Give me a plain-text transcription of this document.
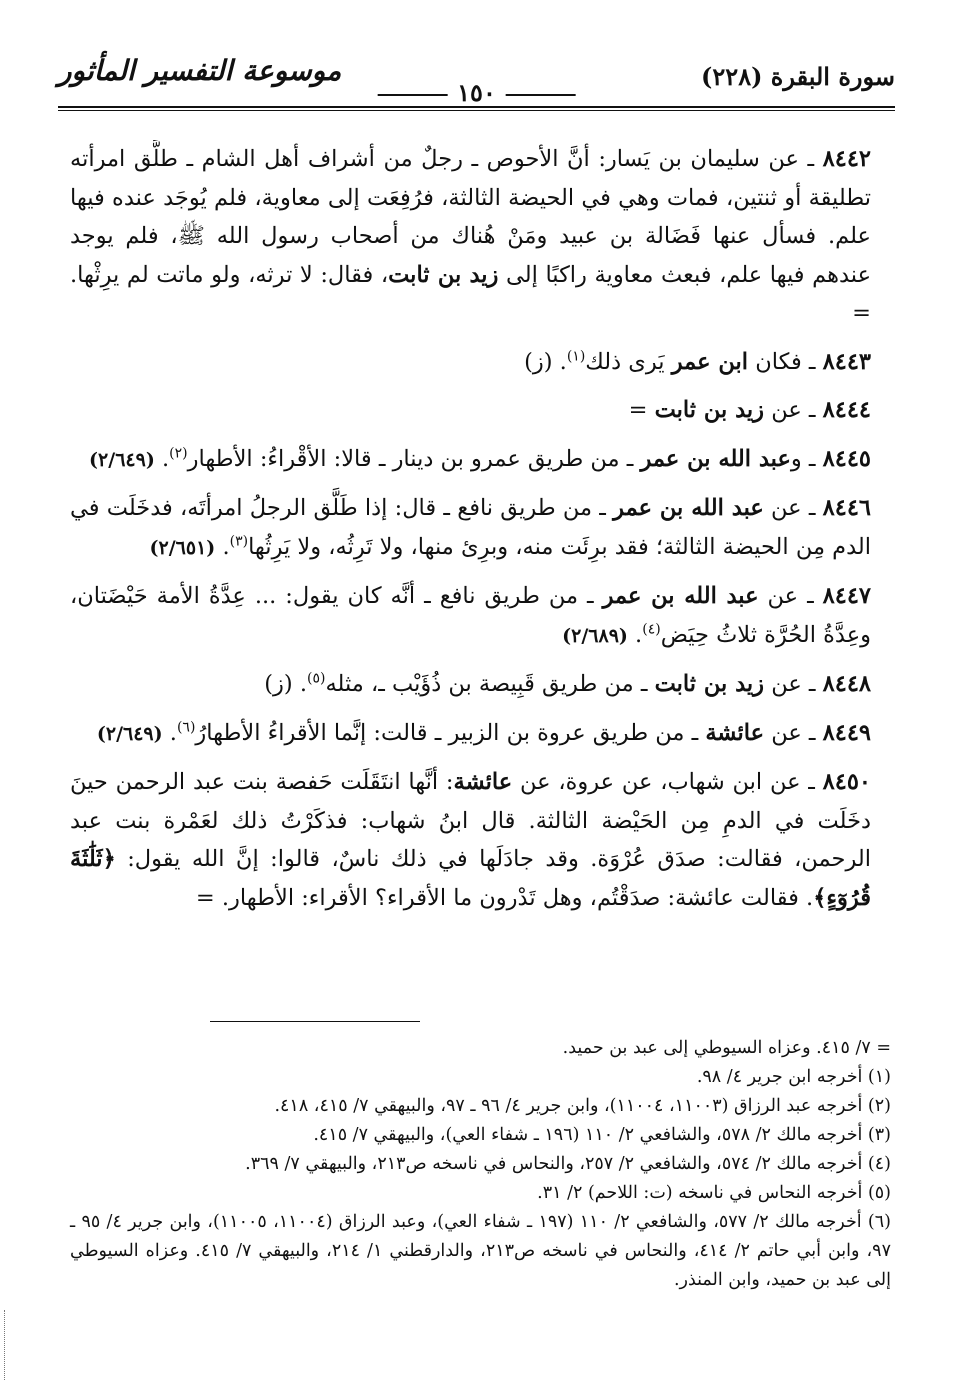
سورة البقرة (٢٢٨)
١٥٠
موسوعة التفسير المأثور

٨٤٤٢ ـ عن سليمان بن يَسار: أنَّ الأحوص ـ رجلٌ من أشراف أهل الشام ـ طلَّق امرأته تطليقة أو ثنتين، فمات وهي في الحيضة الثالثة، فرُفِعَت إلى معاوية، فلم يُوجَد عنده فيها علم. فسأل عنها فَضَالة بن عبيد ومَنْ هُناك من أصحاب رسول الله ﷺ، فلم يوجد عندهم فيها علم، فبعث معاوية راكبًا إلى زيد بن ثابت، فقال: لا ترثه، ولو ماتت لم يرِثْها. =

٨٤٤٣ ـ فكان ابن عمر يَرى ذلك$^{(١)}$. (ز)

٨٤٤٤ ـ عن زيد بن ثابت =

٨٤٤٥ ـ وعبد الله بن عمر ـ من طريق عمرو بن دينار ـ قالا: الأقْراءُ: الأطهار$^{(٢)}$. (٢/٦٤٩)

٨٤٤٦ ـ عن عبد الله بن عمر ـ من طريق نافع ـ قال: إذا طَلَّق الرجلُ امرأتَه، فدخَلَت في الدم مِن الحيضة الثالثة؛ فقد برِئَت منه، وبرِئ منها، ولا تَرِثُه، ولا يَرِثُها$^{(٣)}$. (٢/٦٥١)

٨٤٤٧ ـ عن عبد الله بن عمر ـ من طريق نافع ـ أنَّه كان يقول: ... عِدَّةُ الأمة حَيْضَتان، وعِدَّةُ الحُرَّة ثلاثُ حِيَض$^{(٤)}$. (٢/٦٨٩)

٨٤٤٨ ـ عن زيد بن ثابت ـ من طريق قَبِيصة بن ذُؤَيْب ـ، مثله$^{(٥)}$. (ز)

٨٤٤٩ ـ عن عائشة ـ من طريق عروة بن الزبير ـ قالت: إنَّما الأقراءُ الأطهارُ$^{(٦)}$. (٢/٦٤٩)

٨٤٥٠ ـ عن ابن شهاب، عن عروة، عن عائشة: أنَّها انتَقَلَت حَفصة بنت عبد الرحمن حينَ دخَلَت في الدمِ مِن الحَيْضة الثالثة. قال ابنُ شهاب: فذكَرْتُ ذلك لعَمْرة بنت عبد الرحمن، فقالت: صدَق عُرْوَة. وقد جادَلَها في ذلك ناسٌ، قالوا: إنَّ الله يقول: ﴿ثَلَٰثَةَ قُرُوٓءٍ﴾. فقالت عائشة: صدَقْتُم، وهل تَدْرون ما الأقراء؟ الأقراء: الأطهار. =

= ٧/ ٤١٥. وعزاه السيوطي إلى عبد بن حميد.

(١) أخرجه ابن جرير ٤/ ٩٨.

(٢) أخرجه عبد الرزاق (١١٠٠٣، ١١٠٠٤)، وابن جرير ٤/ ٩٦ ـ ٩٧، والبيهقي ٧/ ٤١٥، ٤١٨.

(٣) أخرجه مالك ٢/ ٥٧٨، والشافعي ٢/ ١١٠ (١٩٦ ـ شفاء العي)، والبيهقي ٧/ ٤١٥.

(٤) أخرجه مالك ٢/ ٥٧٤، والشافعي ٢/ ٢٥٧، والنحاس في ناسخه ص٢١٣، والبيهقي ٧/ ٣٦٩.

(٥) أخرجه النحاس في ناسخه (ت: اللاحم) ٢/ ٣١.

(٦) أخرجه مالك ٢/ ٥٧٧، والشافعي ٢/ ١١٠ (١٩٧ ـ شفاء العي)، وعبد الرزاق (١١٠٠٤، ١١٠٠٥)، وابن جرير ٤/ ٩٥ ـ ٩٧، وابن أبي حاتم ٢/ ٤١٤، والنحاس في ناسخه ص٢١٣، والدارقطني ١/ ٢١٤، والبيهقي ٧/ ٤١٥. وعزاه السيوطي إلى عبد بن حميد، وابن المنذر.
